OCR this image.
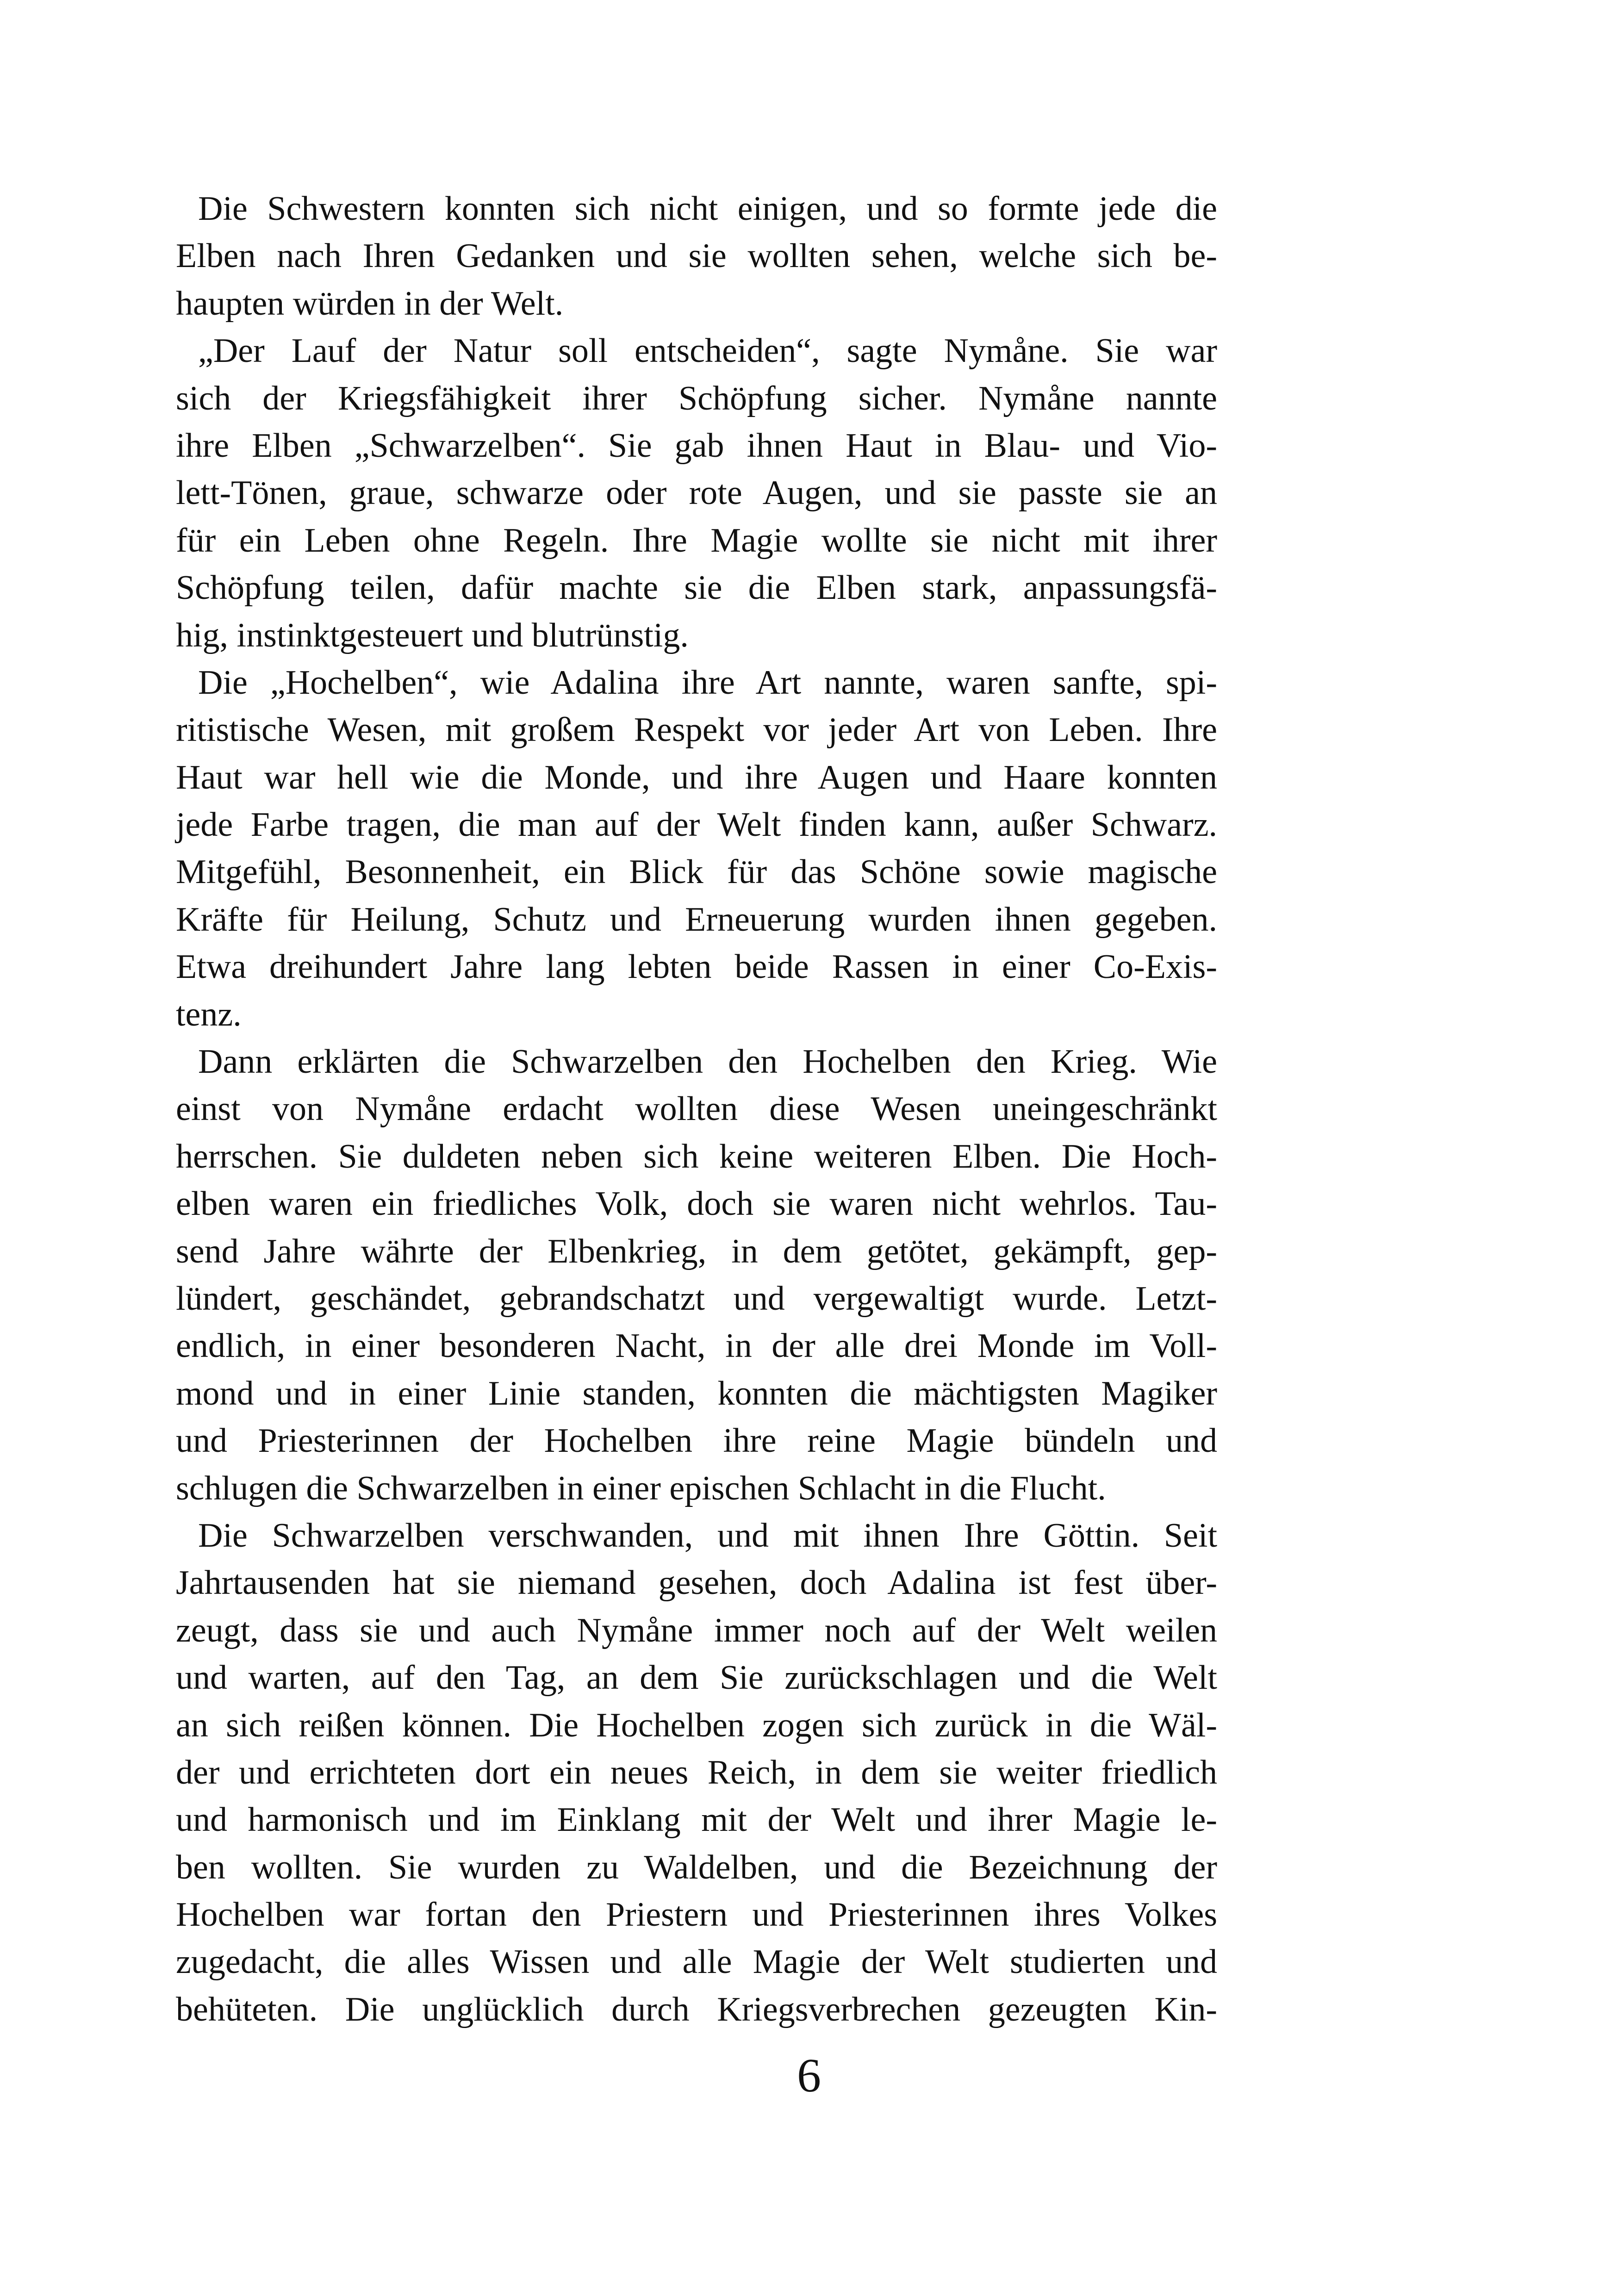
Die Schwestern konnten sich nicht einigen, und so formte jede die
Elben nach Ihren Gedanken und sie wollten sehen, welche sich be-
haupten würden in der Welt.
„Der Lauf der Natur soll entscheiden“, sagte Nymåne. Sie war
sich der Kriegsfähigkeit ihrer Schöpfung sicher. Nymåne nannte
ihre Elben „Schwarzelben“. Sie gab ihnen Haut in Blau- und Vio-
lett-Tönen, graue, schwarze oder rote Augen, und sie passte sie an
für ein Leben ohne Regeln. Ihre Magie wollte sie nicht mit ihrer
Schöpfung teilen, dafür machte sie die Elben stark, anpassungsfä-
hig, instinktgesteuert und blutrünstig.
Die „Hochelben“, wie Adalina ihre Art nannte, waren sanfte, spi-
ritistische Wesen, mit großem Respekt vor jeder Art von Leben. Ihre
Haut war hell wie die Monde, und ihre Augen und Haare konnten
jede Farbe tragen, die man auf der Welt finden kann, außer Schwarz.
Mitgefühl, Besonnenheit, ein Blick für das Schöne sowie magische
Kräfte für Heilung, Schutz und Erneuerung wurden ihnen gegeben.
Etwa dreihundert Jahre lang lebten beide Rassen in einer Co-Exis-
tenz.
Dann erklärten die Schwarzelben den Hochelben den Krieg. Wie
einst von Nymåne erdacht wollten diese Wesen uneingeschränkt
herrschen. Sie duldeten neben sich keine weiteren Elben. Die Hoch-
elben waren ein friedliches Volk, doch sie waren nicht wehrlos. Tau-
send Jahre währte der Elbenkrieg, in dem getötet, gekämpft, gep-
lündert, geschändet, gebrandschatzt und vergewaltigt wurde. Letzt-
endlich, in einer besonderen Nacht, in der alle drei Monde im Voll-
mond und in einer Linie standen, konnten die mächtigsten Magiker
und Priesterinnen der Hochelben ihre reine Magie bündeln und
schlugen die Schwarzelben in einer epischen Schlacht in die Flucht.
Die Schwarzelben verschwanden, und mit ihnen Ihre Göttin. Seit
Jahrtausenden hat sie niemand gesehen, doch Adalina ist fest über-
zeugt, dass sie und auch Nymåne immer noch auf der Welt weilen
und warten, auf den Tag, an dem Sie zurückschlagen und die Welt
an sich reißen können. Die Hochelben zogen sich zurück in die Wäl-
der und errichteten dort ein neues Reich, in dem sie weiter friedlich
und harmonisch und im Einklang mit der Welt und ihrer Magie le-
ben wollten. Sie wurden zu Waldelben, und die Bezeichnung der
Hochelben war fortan den Priestern und Priesterinnen ihres Volkes
zugedacht, die alles Wissen und alle Magie der Welt studierten und
behüteten. Die unglücklich durch Kriegsverbrechen gezeugten Kin-
6
